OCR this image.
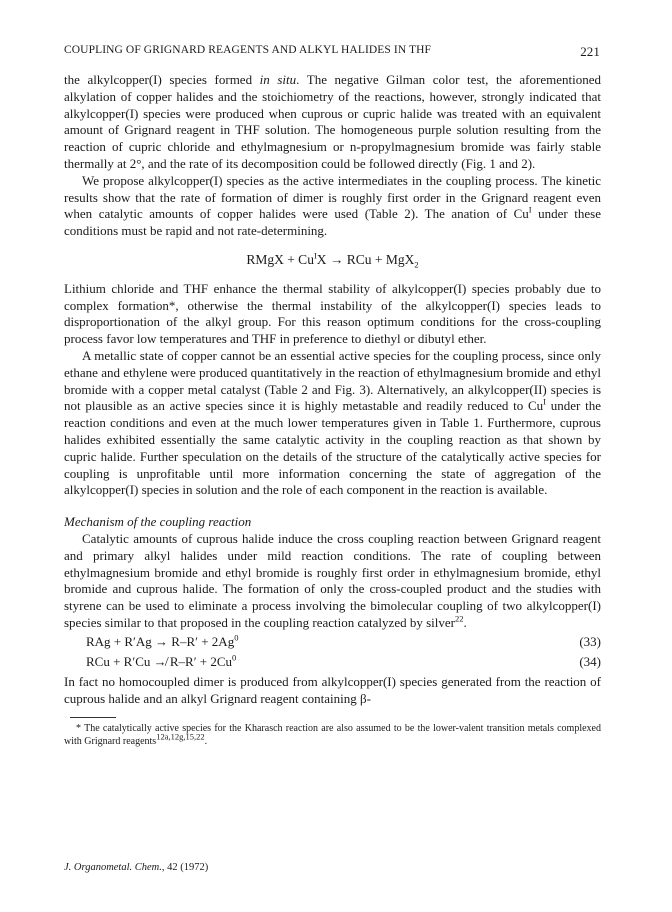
COUPLING OF GRIGNARD REAGENTS AND ALKYL HALIDES IN THF	221

the alkylcopper(I) species formed in situ. The negative Gilman color test, the aforementioned alkylation of copper halides and the stoichiometry of the reactions, however, strongly indicated that alkylcopper(I) species were produced when cuprous or cupric halide was treated with an equivalent amount of Grignard reagent in THF solution. The homogeneous purple solution resulting from the reaction of cupric chloride and ethylmagnesium or n-propylmagnesium bromide was fairly stable thermally at 2°, and the rate of its decomposition could be followed directly (Fig. 1 and 2).

We propose alkylcopper(I) species as the active intermediates in the coupling process. The kinetic results show that the rate of formation of dimer is roughly first order in the Grignard reagent even when catalytic amounts of copper halides were used (Table 2). The anation of $Cu^I$ under these conditions must be rapid and not rate-determining.

RMgX + $Cu^IX$ → RCu + MgX$_2$

Lithium chloride and THF enhance the thermal stability of alkylcopper(I) species probably due to complex formation*, otherwise the thermal instability of the alkylcopper(I) species leads to disproportionation of the alkyl group. For this reason optimum conditions for the cross-coupling process favor low temperatures and THF in preference to diethyl or dibutyl ether.

A metallic state of copper cannot be an essential active species for the coupling process, since only ethane and ethylene were produced quantitatively in the reaction of ethylmagnesium bromide and ethyl bromide with a copper metal catalyst (Table 2 and Fig. 3). Alternatively, an alkylcopper(II) species is not plausible as an active species since it is highly metastable and readily reduced to $Cu^I$ under the reaction conditions and even at the much lower temperatures given in Table 1. Furthermore, cuprous halides exhibited essentially the same catalytic activity in the coupling reaction as that shown by cupric halide. Further speculation on the details of the structure of the catalytically active species for coupling is unprofitable until more information concerning the state of aggregation of the alkylcopper(I) species in solution and the role of each component in the reaction is available.

Mechanism of the coupling reaction

Catalytic amounts of cuprous halide induce the cross coupling reaction between Grignard reagent and primary alkyl halides under mild reaction conditions. The rate of coupling between ethylmagnesium bromide and ethyl bromide is roughly first order in ethylmagnesium bromide, ethyl bromide and cuprous halide. The formation of only the cross-coupled product and the studies with styrene can be used to eliminate a process involving the bimolecular coupling of two alkylcopper(I) species similar to that proposed in the coupling reaction catalyzed by silver$^{22}$.

RAg + $R'Ag \to R-R' + 2Ag^0$	(33)
RCu + R′Cu ↛ $R-R' + 2Cu^0$	(34)

In fact no homocoupled dimer is produced from alkylcopper(I) species generated from the reaction of cuprous halide and an alkyl Grignard reagent containing β-

* The catalytically active species for the Kharasch reaction are also assumed to be the lower-valent transition metals complexed with Grignard reagents$^{12a,12g,15,22}$.

J. Organometal. Chem., 42 (1972)
